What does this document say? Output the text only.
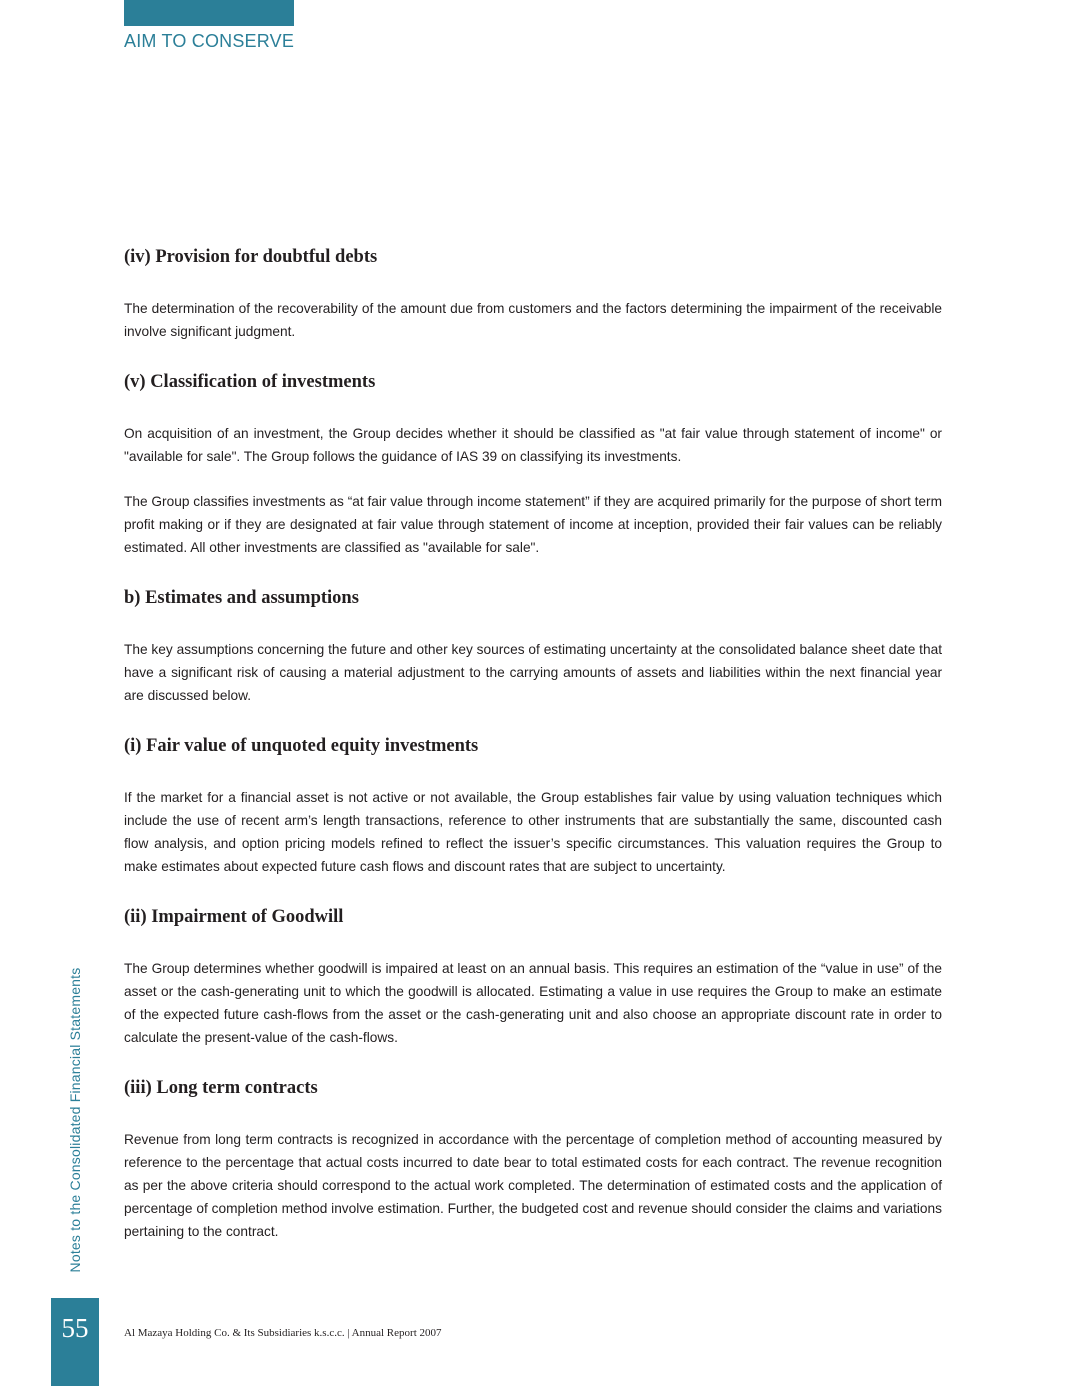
AIM TO CONSERVE
(iv) Provision for doubtful debts

The determination of the recoverability of the amount due from customers and the factors determining the impairment of the receivable involve significant judgment.

(v) Classification of investments

On acquisition of an investment, the Group decides whether it should be classified as "at fair value through statement of income" or "available for sale". The Group follows the guidance of IAS 39 on classifying its investments.

The Group classifies investments as “at fair value through income statement” if they are acquired primarily for the purpose of short term profit making or if they are designated at fair value through statement of income at inception, provided their fair values can be reliably estimated. All other investments are classified as "available for sale".

b) Estimates and assumptions

The key assumptions concerning the future and other key sources of estimating uncertainty at the consolidated balance sheet date that have a significant risk of causing a material adjustment to the carrying amounts of assets and liabilities within the next financial year are discussed below.

(i) Fair value of unquoted equity investments

If the market for a financial asset is not active or not available, the Group establishes fair value by using valuation techniques which include the use of recent arm’s length transactions, reference to other instruments that are substantially the same, discounted cash flow analysis, and option pricing models refined to reflect the issuer’s specific circumstances. This valuation requires the Group to make estimates about expected future cash flows and discount rates that are subject to uncertainty.

(ii) Impairment of Goodwill

The Group determines whether goodwill is impaired at least on an annual basis. This requires an estimation of the “value in use” of the asset or the cash-generating unit to which the goodwill is allocated. Estimating a value in use requires the Group to make an estimate of the expected future cash-flows from the asset or the cash-generating unit and also choose an appropriate discount rate in order to calculate the present-value of the cash-flows.

(iii) Long term contracts

Revenue from long term contracts is recognized in accordance with the percentage of completion method of accounting measured by reference to the percentage that actual costs incurred to date bear to total estimated costs for each contract. The revenue recognition as per the above criteria should correspond to the actual work completed. The determination of estimated costs and the application of percentage of completion method involve estimation. Further, the budgeted cost and revenue should consider the claims and variations pertaining to the contract.

Notes to the Consolidated Financial Statements
55	Al Mazaya Holding Co. & Its Subsidiaries k.s.c.c. | Annual Report 2007
